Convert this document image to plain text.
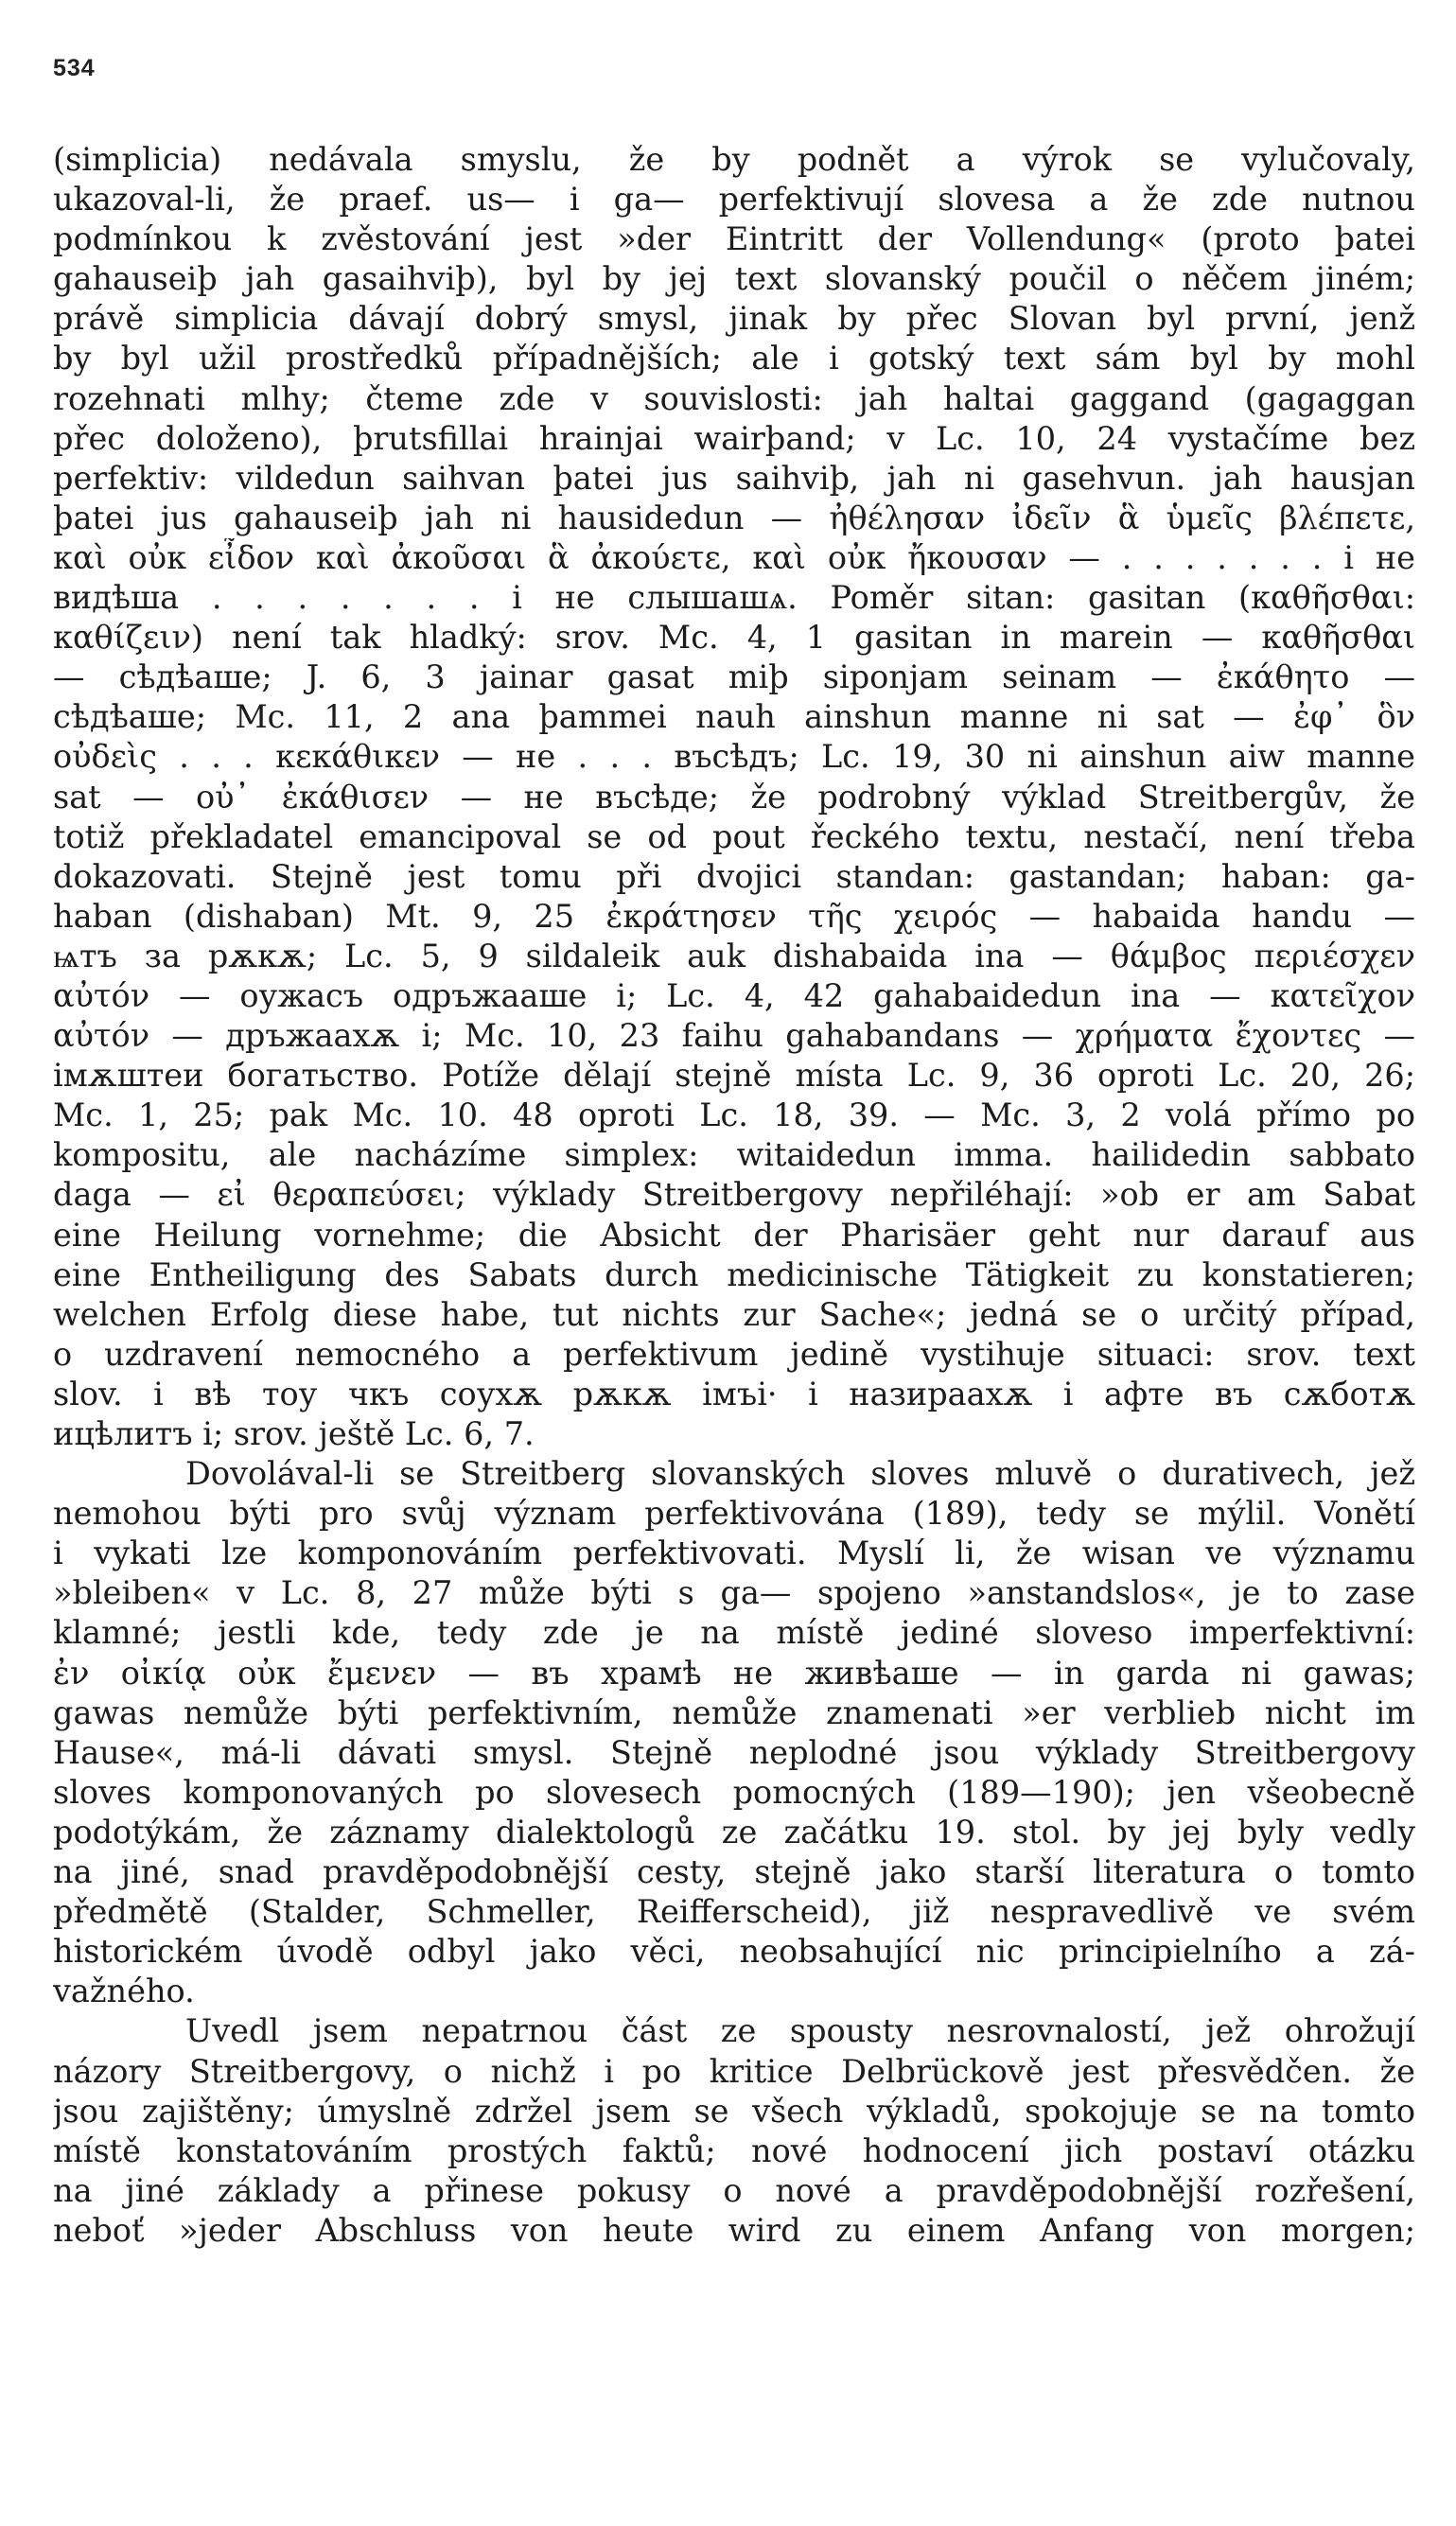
534
(simplicia) nedávala smyslu, že by podnět a výrok se vylučovaly,
ukazoval-li, že praef. us— i ga— perfektivují slovesa a že zde nutnou
podmínkou k zvěstování jest »der Eintritt der Vollendung« (proto þatei
gahauseiþ jah gasaihviþ), byl by jej text slovanský poučil o něčem jiném;
právě simplicia dávají dobrý smysl, jinak by přec Slovan byl první, jenž
by byl užil prostředků případnějších; ale i gotský text sám byl by mohl
rozehnati mlhy; čteme zde v souvislosti: jah haltai gaggand (gagaggan
přec doloženo), þrutsfillai hrainjai wairþand; v Lc. 10, 24 vystačíme bez
perfektiv: vildedun saihvan þatei jus saihviþ, jah ni gasehvun. jah hausjan
þatei jus gahauseiþ jah ni hausidedun — ἠθέλησαν ἰδεῖν ἃ ὑμεῖς βλέπετε,
καὶ οὐκ εἶδον καὶ ἀκοῦσαι ἃ ἀκούετε, καὶ οὐκ ἤκουσαν — . . . . . . . і не
видѣша . . . . . . . і не слышашѧ. Poměr sitan: gasitan (καθῆσθαι:
καθίζειν) není tak hladký: srov. Mc. 4, 1 gasitan in marein — καθῆσθαι
— сѣдѣаше; J. 6, 3 jainar gasat miþ siponjam seinam — ἐκάθητο —
сѣдѣаше; Mc. 11, 2 ana þammei nauh ainshun manne ni sat — ἐφ᾽ ὃν
οὐδεὶς . . . κεκάθικεν — не . . . въсѣдъ; Lc. 19, 30 ni ainshun aiw manne
sat — οὐ᾽ ἐκάθισεν — не въсѣде; že podrobný výklad Streitbergův, že
totiž překladatel emancipoval se od pout řeckého textu, nestačí, není třeba
dokazovati. Stejně jest tomu při dvojici standan: gastandan; haban: ga-
haban (dishaban) Mt. 9, 25 ἐκράτησεν τῆς χειρός — habaida handu —
ѩтъ за рѫкѫ; Lc. 5, 9 sildaleik auk dishabaida ina — θάμβος περιέσχεν
αὐτόν — оужасъ одръжааше і; Lc. 4, 42 gahabaidedun ina — κατεῖχον
αὐτόν — дръжаахѫ і; Mc. 10, 23 faihu gahabandans — χρήματα ἔχοντες —
імѫштеи богатьство. Potíže dělají stejně místa Lc. 9, 36 oproti Lc. 20, 26;
Mc. 1, 25; pak Mc. 10. 48 oproti Lc. 18, 39. — Mc. 3, 2 volá přímo po
kompositu, ale nacházíme simplex: witaidedun imma. hailidedin sabbato
daga — εἰ θεραπεύσει; výklady Streitbergovy nepřiléhají: »ob er am Sabat
eine Heilung vornehme; die Absicht der Pharisäer geht nur darauf aus
eine Entheiligung des Sabats durch medicinische Tätigkeit zu konstatieren;
welchen Erfolg diese habe, tut nichts zur Sache«; jedná se o určitý případ,
o uzdravení nemocného a perfektivum jedině vystihuje situaci: srov. text
slov. і вѣ тоу чкъ соухѫ рѫкѫ імъі· і назираахѫ і афте въ сѫботѫ
ицѣлитъ і; srov. ještě Lc. 6, 7.
Dovolával-li se Streitberg slovanských sloves mluvě o durativech, jež
nemohou býti pro svůj význam perfektivována (189), tedy se mýlil. Vonětí
i vykati lze komponováním perfektivovati. Myslí li, že wisan ve významu
»bleiben« v Lc. 8, 27 může býti s ga— spojeno »anstandslos«, je to zase
klamné; jestli kde, tedy zde je na místě jediné sloveso imperfektivní:
ἐν οἰκίᾳ οὐκ ἔμενεν — въ храмѣ не живѣаше — in garda ni gawas;
gawas nemůže býti perfektivním, nemůže znamenati »er verblieb nicht im
Hause«, má-li dávati smysl. Stejně neplodné jsou výklady Streitbergovy
sloves komponovaných po slovesech pomocných (189—190); jen všeobecně
podotýkám, že záznamy dialektologů ze začátku 19. stol. by jej byly vedly
na jiné, snad pravděpodobnější cesty, stejně jako starší literatura o tomto
předmětě (Stalder, Schmeller, Reifferscheid), již nespravedlivě ve svém
historickém úvodě odbyl jako věci, neobsahující nic principielního a zá-
važného.
Uvedl jsem nepatrnou část ze spousty nesrovnalostí, jež ohrožují
názory Streitbergovy, o nichž i po kritice Delbrückově jest přesvědčen. že
jsou zajištěny; úmyslně zdržel jsem se všech výkladů, spokojuje se na tomto
místě konstatováním prostých faktů; nové hodnocení jich postaví otázku
na jiné základy a přinese pokusy o nové a pravděpodobnější rozřešení,
neboť »jeder Abschluss von heute wird zu einem Anfang von morgen;
